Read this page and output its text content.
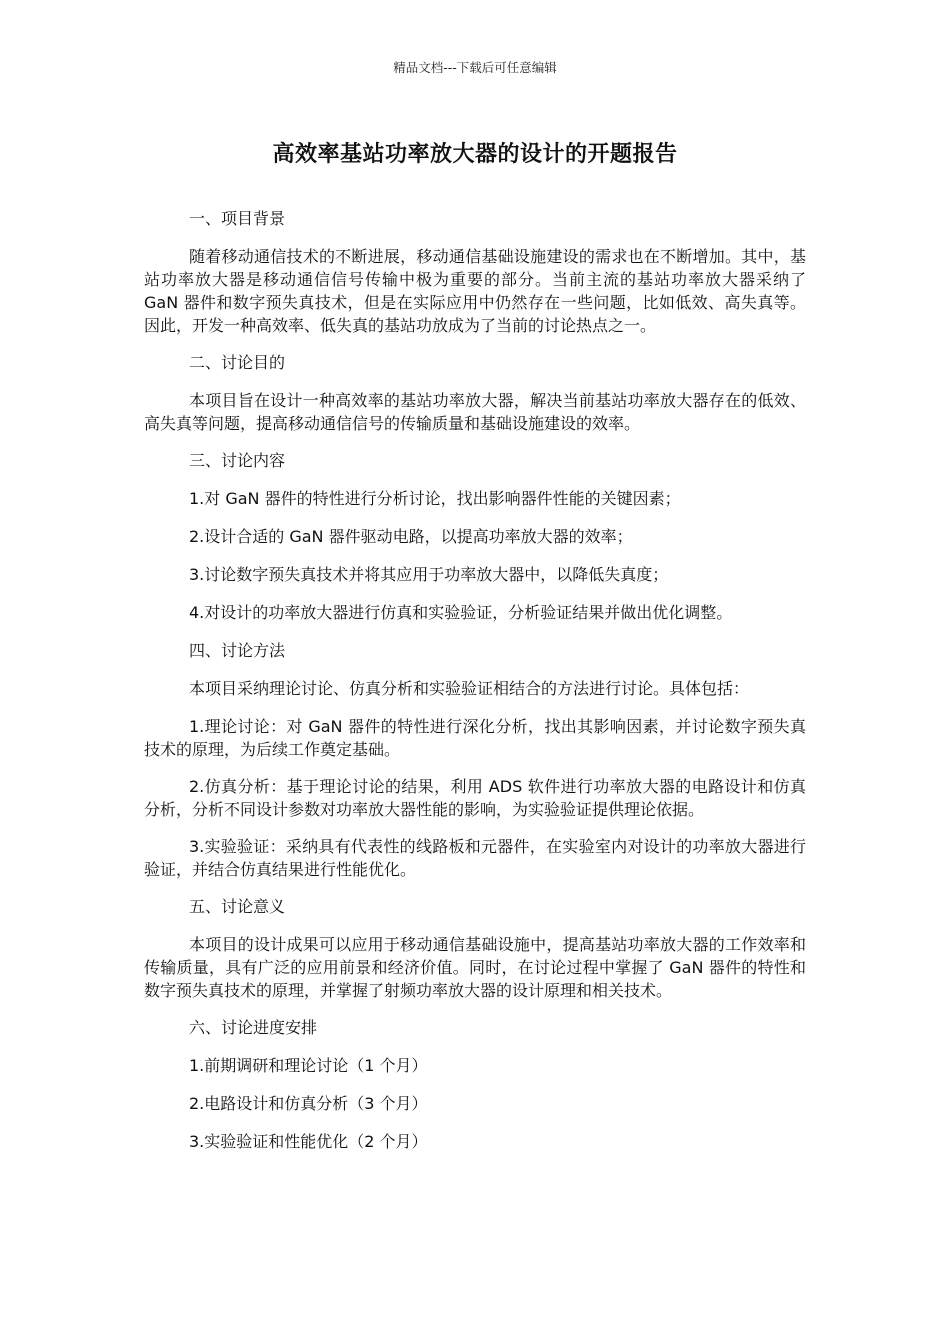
精品文档---下载后可任意编辑
高效率基站功率放大器的设计的开题报告

一、项目背景

随着移动通信技术的不断进展，移动通信基础设施建设的需求也在不断增加。其中，基站功率放大器是移动通信信号传输中极为重要的部分。当前主流的基站功率放大器采纳了 GaN 器件和数字预失真技术，但是在实际应用中仍然存在一些问题，比如低效、高失真等。因此，开发一种高效率、低失真的基站功放成为了当前的讨论热点之一。

二、讨论目的

本项目旨在设计一种高效率的基站功率放大器，解决当前基站功率放大器存在的低效、高失真等问题，提高移动通信信号的传输质量和基础设施建设的效率。

三、讨论内容

1.对 GaN 器件的特性进行分析讨论，找出影响器件性能的关键因素；

2.设计合适的 GaN 器件驱动电路，以提高功率放大器的效率；

3.讨论数字预失真技术并将其应用于功率放大器中，以降低失真度；

4.对设计的功率放大器进行仿真和实验验证，分析验证结果并做出优化调整。

四、讨论方法

本项目采纳理论讨论、仿真分析和实验验证相结合的方法进行讨论。具体包括：

1.理论讨论：对 GaN 器件的特性进行深化分析，找出其影响因素，并讨论数字预失真技术的原理，为后续工作奠定基础。

2.仿真分析：基于理论讨论的结果，利用 ADS 软件进行功率放大器的电路设计和仿真分析，分析不同设计参数对功率放大器性能的影响，为实验验证提供理论依据。

3.实验验证：采纳具有代表性的线路板和元器件，在实验室内对设计的功率放大器进行验证，并结合仿真结果进行性能优化。

五、讨论意义

本项目的设计成果可以应用于移动通信基础设施中，提高基站功率放大器的工作效率和传输质量，具有广泛的应用前景和经济价值。同时，在讨论过程中掌握了 GaN 器件的特性和数字预失真技术的原理，并掌握了射频功率放大器的设计原理和相关技术。

六、讨论进度安排

1.前期调研和理论讨论（1 个月）

2.电路设计和仿真分析（3 个月）

3.实验验证和性能优化（2 个月）
